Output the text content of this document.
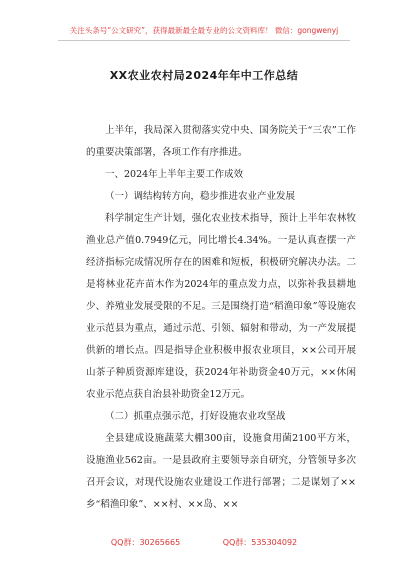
关注头条号“公文研究”，获得最新最全最专业的公文资料库！ 微信：gongwenyj
XX农业农村局2024年年中工作总结

上半年，我局深入贯彻落实党中央、国务院关于“三农”工作的重要决策部署，各项工作有序推进。

一、2024年上半年主要工作成效

（一）调结构转方向，稳步推进农业产业发展

科学制定生产计划，强化农业技术指导，预计上半年农林牧渔业总产值0.7949亿元，同比增长4.34%。一是认真查摆一产经济指标完成情况所存在的困难和短板，积极研究解决办法。二是将林业花卉苗木作为2024年的重点发力点，以弥补我县耕地少、养殖业发展受限的不足。三是围绕打造“稻渔印象”等设施农业示范县为重点，通过示范、引领、辐射和带动，为一产发展提供新的增长点。四是指导企业积极申报农业项目，××公司开展山茶子种质资源库建设，获2024年补助资金40万元，××休闲农业示范点获自治县补助资金12万元。

（二）抓重点强示范，打好设施农业攻坚战

全县建成设施蔬菜大棚300亩，设施食用菌2100平方米，设施渔业562亩。一是县政府主要领导亲自研究，分管领导多次召开会议，对现代设施农业建设工作进行部署；二是谋划了××乡“稻渔印象”、××村、××岛、××

QQ群：30265665	QQ群：535304092
